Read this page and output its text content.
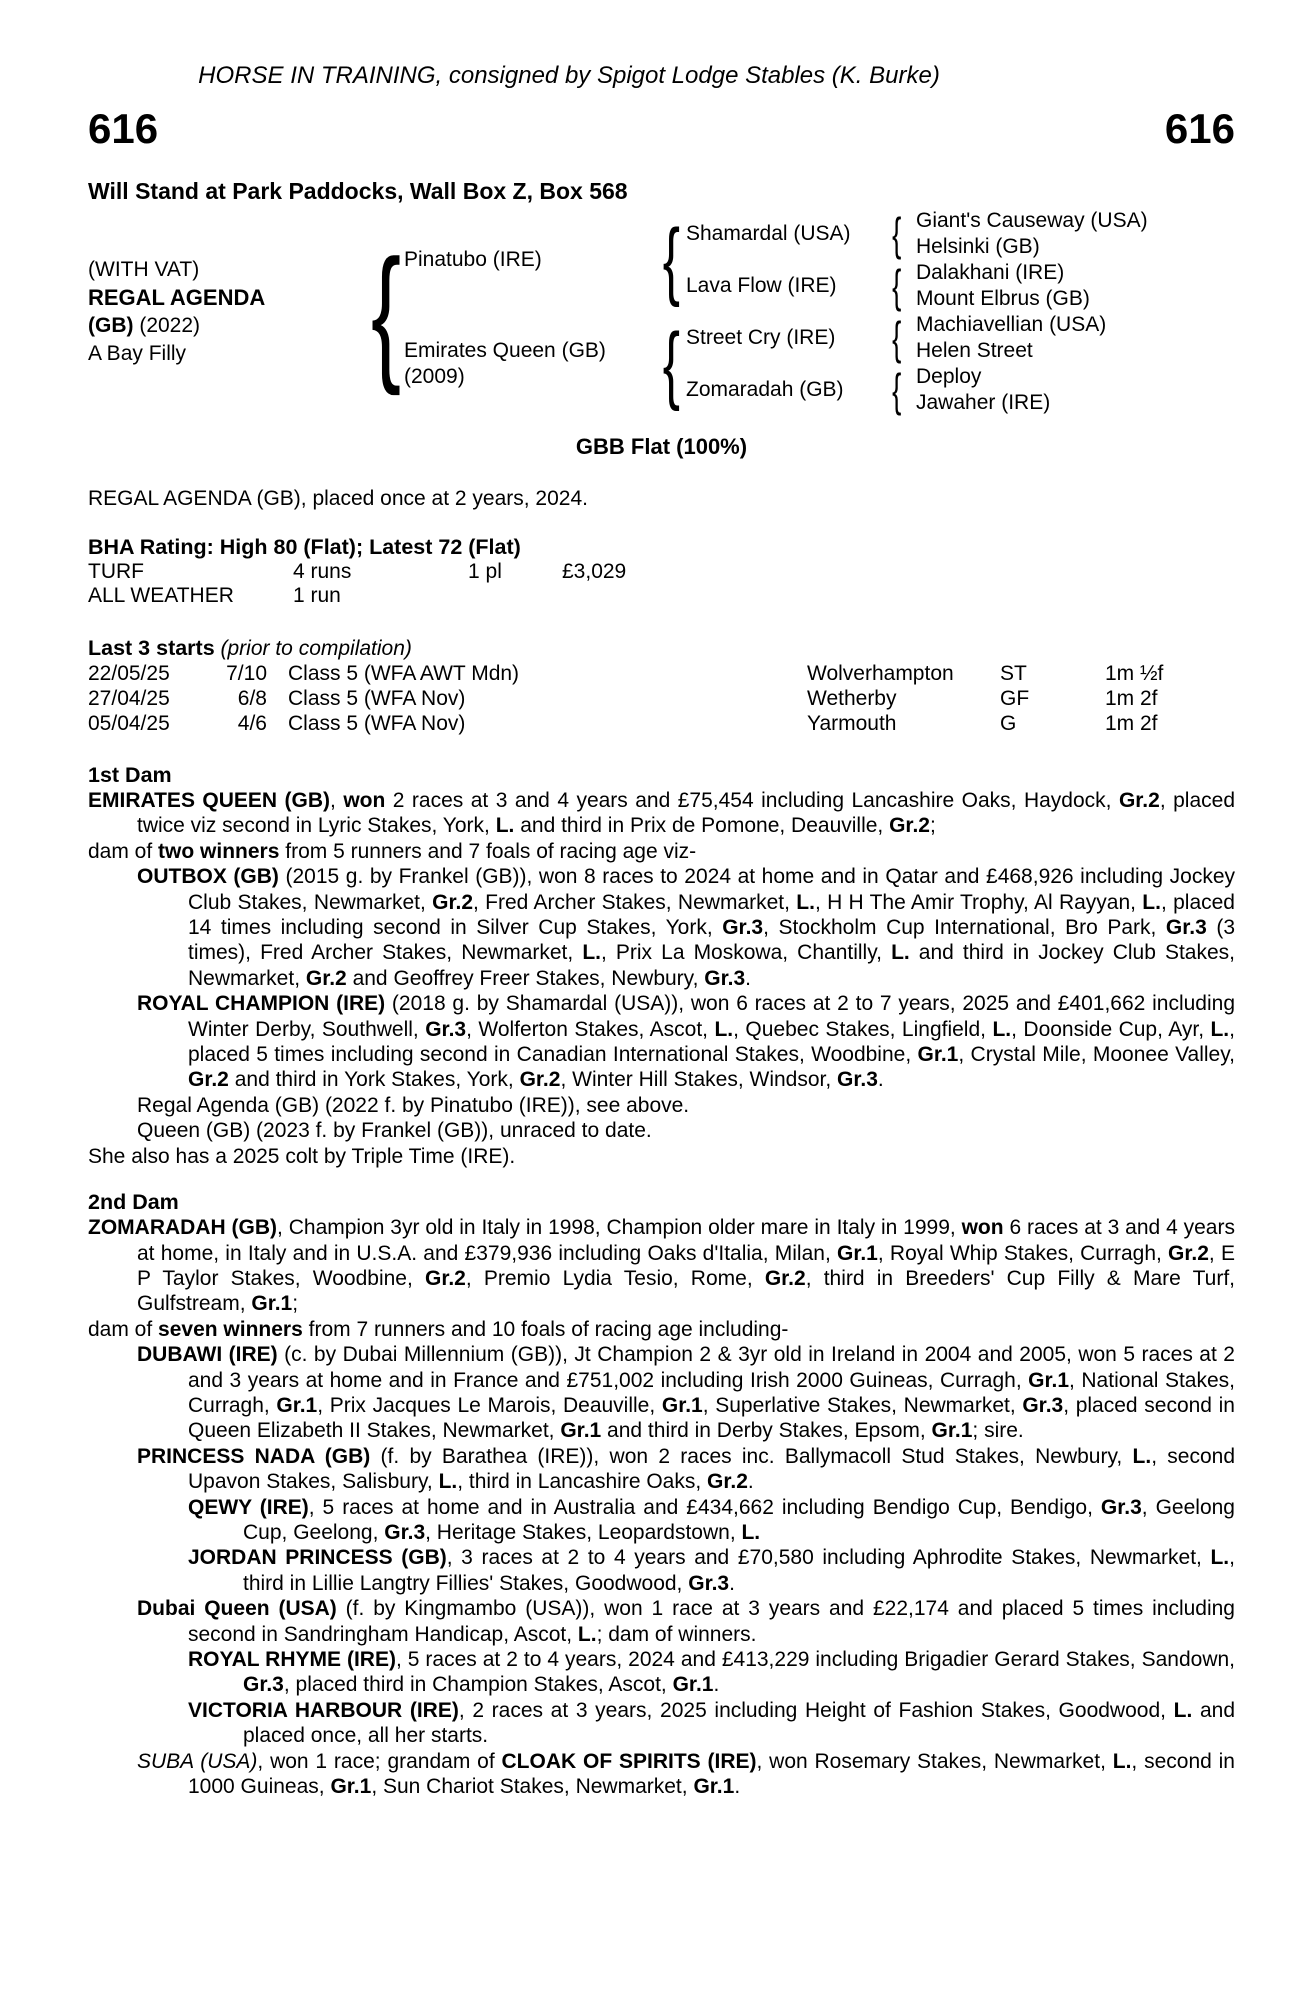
HORSE IN TRAINING, consigned by Spigot Lodge Stables (K. Burke)
616	616
Will Stand at Park Paddocks, Wall Box Z, Box 568
(WITH VAT)
REGAL AGENDA
(GB) (2022)
A Bay Filly	{ Pinatubo (IRE)
Emirates Queen (GB)
(2009)
{
{
Shamardal (USA)
Lava Flow (IRE)
Street Cry (IRE)
Zomaradah (GB)
{
{
{
{
Giant's Causeway (USA)
Helsinki (GB)
Dalakhani (IRE)
Mount Elbrus (GB)
Machiavellian (USA)
Helen Street
Deploy
Jawaher (IRE)
GBB Flat (100%)
REGAL AGENDA (GB), placed once at 2 years, 2024.
BHA Rating: High 80 (Flat); Latest 72 (Flat)
TURF	4 runs	1 pl	£3,029
ALL WEATHER	1 run
Last 3 starts (prior to compilation)
22/05/25	7/10 Class 5 (WFA AWT Mdn)	Wolverhampton ST	1m ½f
27/04/25	6/8 Class 5 (WFA Nov)	Wetherby	GF	1m 2f
05/04/25	4/6 Class 5 (WFA Nov)	Yarmouth	G	1m 2f
1st Dam

EMIRATES QUEEN (GB), won 2 races at 3 and 4 years and £75,454 including Lancashire Oaks, Haydock, Gr.2, placed twice viz second in Lyric Stakes, York, L. and third in Prix de Pomone, Deauville, Gr.2;

dam of two winners from 5 runners and 7 foals of racing age viz-

OUTBOX (GB) (2015 g. by Frankel (GB)), won 8 races to 2024 at home and in Qatar and £468,926 including Jockey Club Stakes, Newmarket, Gr.2, Fred Archer Stakes, Newmarket, L., H H The Amir Trophy, Al Rayyan, L., placed 14 times including second in Silver Cup Stakes, York, Gr.3, Stockholm Cup International, Bro Park, Gr.3 (3 times), Fred Archer Stakes, Newmarket, L., Prix La Moskowa, Chantilly, L. and third in Jockey Club Stakes, Newmarket, Gr.2 and Geoffrey Freer Stakes, Newbury, Gr.3.

ROYAL CHAMPION (IRE) (2018 g. by Shamardal (USA)), won 6 races at 2 to 7 years, 2025 and £401,662 including Winter Derby, Southwell, Gr.3, Wolferton Stakes, Ascot, L., Quebec Stakes, Lingfield, L., Doonside Cup, Ayr, L., placed 5 times including second in Canadian International Stakes, Woodbine, Gr.1, Crystal Mile, Moonee Valley, Gr.2 and third in York Stakes, York, Gr.2, Winter Hill Stakes, Windsor, Gr.3.

Regal Agenda (GB) (2022 f. by Pinatubo (IRE)), see above.

Queen (GB) (2023 f. by Frankel (GB)), unraced to date.

She also has a 2025 colt by Triple Time (IRE).

2nd Dam

ZOMARADAH (GB), Champion 3yr old in Italy in 1998, Champion older mare in Italy in 1999, won 6 races at 3 and 4 years at home, in Italy and in U.S.A. and £379,936 including Oaks d'Italia, Milan, Gr.1, Royal Whip Stakes, Curragh, Gr.2, E P Taylor Stakes, Woodbine, Gr.2, Premio Lydia Tesio, Rome, Gr.2, third in Breeders' Cup Filly & Mare Turf, Gulfstream, Gr.1;

dam of seven winners from 7 runners and 10 foals of racing age including-

DUBAWI (IRE) (c. by Dubai Millennium (GB)), Jt Champion 2 & 3yr old in Ireland in 2004 and 2005, won 5 races at 2 and 3 years at home and in France and £751,002 including Irish 2000 Guineas, Curragh, Gr.1, National Stakes, Curragh, Gr.1, Prix Jacques Le Marois, Deauville, Gr.1, Superlative Stakes, Newmarket, Gr.3, placed second in Queen Elizabeth II Stakes, Newmarket, Gr.1 and third in Derby Stakes, Epsom, Gr.1; sire.

PRINCESS NADA (GB) (f. by Barathea (IRE)), won 2 races inc. Ballymacoll Stud Stakes, Newbury, L., second Upavon Stakes, Salisbury, L., third in Lancashire Oaks, Gr.2.

QEWY (IRE), 5 races at home and in Australia and £434,662 including Bendigo Cup, Bendigo, Gr.3, Geelong Cup, Geelong, Gr.3, Heritage Stakes, Leopardstown, L.

JORDAN PRINCESS (GB), 3 races at 2 to 4 years and £70,580 including Aphrodite Stakes, Newmarket, L., third in Lillie Langtry Fillies' Stakes, Goodwood, Gr.3.

Dubai Queen (USA) (f. by Kingmambo (USA)), won 1 race at 3 years and £22,174 and placed 5 times including second in Sandringham Handicap, Ascot, L.; dam of winners.

ROYAL RHYME (IRE), 5 races at 2 to 4 years, 2024 and £413,229 including Brigadier Gerard Stakes, Sandown, Gr.3, placed third in Champion Stakes, Ascot, Gr.1.

VICTORIA HARBOUR (IRE), 2 races at 3 years, 2025 including Height of Fashion Stakes, Goodwood, L. and placed once, all her starts.

SUBA (USA), won 1 race; grandam of CLOAK OF SPIRITS (IRE), won Rosemary Stakes, Newmarket, L., second in 1000 Guineas, Gr.1, Sun Chariot Stakes, Newmarket, Gr.1.
